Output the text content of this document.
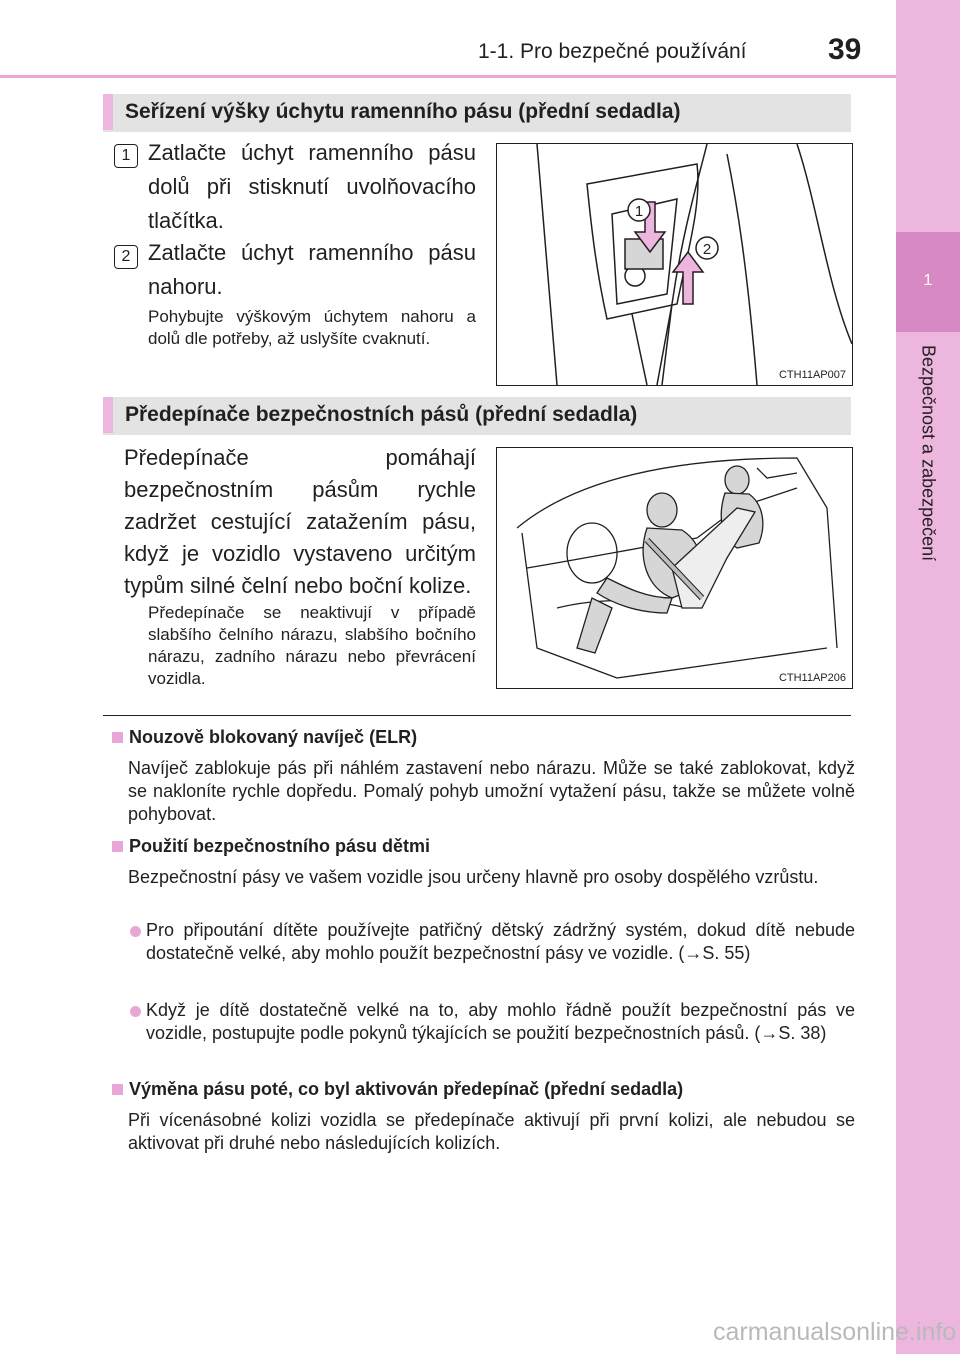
1-1. Pro bezpečné používání	39
1
Bezpečnost a zabezpečení
Seřízení výšky úchytu ramenního pásu (přední sedadla)
1 Zatlačte úchyt ramenního pásu dolů při stisknutí uvolňovacího tlačítka.
2 Zatlačte úchyt ramenního pásu nahoru.
Pohybujte výškovým úchytem nahoru a dolů dle potřeby, až uslyšíte cvaknutí.
1
2
CTH11AP007
Předepínače bezpečnostních pásů (přední sedadla)
Předepínače pomáhají bezpečnostním pásům rychle zadržet cestující zatažením pásu, když je vozidlo vystaveno určitým typům silné čelní nebo boční kolize.
Předepínače se neaktivují v případě slabšího čelního nárazu, slabšího bočního nárazu, zadního nárazu nebo převrácení vozidla.	CTH11AP206
Nouzově blokovaný navíječ (ELR)
Navíječ zablokuje pás při náhlém zastavení nebo nárazu. Může se také zablokovat, když se nakloníte rychle dopředu. Pomalý pohyb umožní vytažení pásu, takže se můžete volně pohybovat.
Použití bezpečnostního pásu dětmi
Bezpečnostní pásy ve vašem vozidle jsou určeny hlavně pro osoby dospělého vzrůstu.
Pro připoutání dítěte používejte patřičný dětský zádržný systém, dokud dítě nebude dostatečně velké, aby mohlo použít bezpečnostní pásy ve vozidle. (→S. 55)
Když je dítě dostatečně velké na to, aby mohlo řádně použít bezpečnostní pás ve vozidle, postupujte podle pokynů týkajících se použití bezpečnostních pásů. (→S. 38)
Výměna pásu poté, co byl aktivován předepínač (přední sedadla)
Při vícenásobné kolizi vozidla se předepínače aktivují při první kolizi, ale nebudou se aktivovat při druhé nebo následujících kolizích.
carmanualsonline.info
